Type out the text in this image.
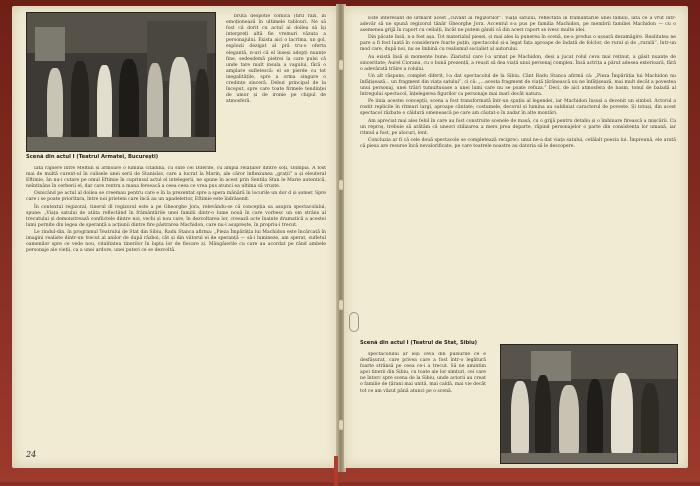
Scenă din actul I (Teatrul Armatei, București)

brută despotie comică (tiril râzi, în emoționează în ultimele tablouri. Ne să fost că dorit cu actul al doilea să își interpreți altă fie vremuri văzuta a personajului. Exista aici o lacrima, un gol, explozii dezigat al pră tru-o oferta elegantă, n-uri că el înseși adopți nuanțe fine, sedesdemă pietrei la care pulsi că unde tare mult insula a vagului, fără o amplare sufletescă: el se pierde cu tot inegalitățile, spre a orma singure o credințe sinceră. Debut principal de la început, spre care toate firmele tendinței de umor și de ironie pe chipul de atmosferă.

Iată rapiere între Meltun și armoare o lumina citadina, cu sute cei Diferite, cu ampla relațiilor dintre soți, Olimpia. A fost mai de multă curent-ul în culisele unei serii de Stanislav, care a lucrat la Marin, ale căror inflexiunea „grații” a și eleuteral Eftimie, ăn nu-i cutare pe omul Eftimie în cuprinsul actul el intelegerii, ne spune în acest prin Sentila Stan le Marie autentică, neîntinâns în cerberii el, dar care rentru a mana ferseacă a ceea ceea ce vrea pus atunci ea ultima să vruște.

Osnicând pe actul al doilea se creemau pentru care e în la prezentat spre a spera mănără în locurile un dor d și șomer. Spre care i se poate prioritara, între noi prieteni care încă au un apadelerior, Eftimie este îndrăsenit.

În contextul regizoral, tinerul dl regizorul este a pe Gheorghe Jora, relevându-se că concepția sa asupra spectacolului, spune: „Viața satului de atâta reflectând în frământările unei familii dintr-o lume nouă în care vorbesc un om strâns al trecutului și demonstrează conflictele dintre noi, vechi și nou care, în dezvoltarea lor, creează acte înainte dramatică a acestei lumi pornite din legea de speranță a acțiunii dintre fire păstrarea Machidon, care nu-l asuprește, în propriu-i trecut.

Le rindul-din, în programul Teatrului de Stat din Sibiu, Radu Stanca afirma: „Pieza Împărăția lui Machidon este încărcată în imagini realiste dintr-un trecut al anilor de după război, cât și din viitorul ei de speranță — să-i lumineze, am sperat, sufletul oamenilor spre ce vede nou, vitalitatea tinerilor în lupta lor de fiecare zi. Mângâierile cu care au acordat pe rând ambele personaje ale vieții, ca a unei ardore, unei puteri ce se dezvoltă.

24

Este interesant de urmărit acest „cuvânt al regizorilor”. Viața satului, reflectată în frământările unei familii, iată ce a vrut într-adevăr să ne spună regizorul tânăr Gheorghe Jora. Accentul s-a pus pe familia Machidon, pe membrii familiei Machidon — cu o asemenea grijă în raport cu ceilalți, încât ne putem gândi că din acest raport se ivesc multe idei.

Din păcate însă, n-a fost așa. Tot materialul piesei, și mai ales la punerea în scenă, ne-a produs o ușoară dezamăgire. Realitatea ne pare a fi fost luată în considerare foarte puțin, spectacolul și-a legat fața aproape de îndată de folclor, de rural și de „rurală”, într-un mod care, după noi, nu se îmbină cu realismul socialist al autorului.

Au există însă și momente bune. Ziaristul care l-a urmat pe Machidon, deși a jucat rolul ceva mai reținut, a găsit nuanțe de sinceritate; Aurel Cioranu, cu o bună prezență, a reușit să dea viață unui personaj complex. Însă actrița a părut adesea exterioară, fără o adevărată trăire a rolului.

Un alt răspuns, complet diferit, l-a dat spectacolul de la Sibiu. Cânt Radu Stanca afirmă că: „Pieza Împărăția lui Machidon nu înfățișează... un fragment din viața satului”, ci că: „...acesta fragment de viață țărănească nu ne înfățișează, mai mult decât a povestea unui personaj, unei trăiri tumultuoase a unei lumi care nu se poate refuza.” Deci, de aici atmosfera de basm, tonul de baladă al întregului spectacol, înțelegerea figurilor ca personaje mai mari decât natura.

Pe linia acestei concepții, scena a fost transformată într-un spațiu al legendei, iar Machidon însuși a devenit un simbol. Actorul a rostit replicile în ritmuri largi, aproape cântate; costumele, decorul și lumina au subliniat caracterul de poveste. Și totuși, din acest spectacol răzbate o căldură omenească pe care am căutat-o în zadar în alte montări.

Am apreciat mai ales felul în care au fost construite scenele de masă, cu o grijă pentru detaliu și o îmbinare firească a mișcării. Ca un reproș, trebuie să arătăm că uneori stilizarea a mers prea departe, răpind personajelor o parte din consistența lor umană, iar ritmul a fost, pe alocuri, lent.

Concluzia ar fi că cele două spectacole se completează reciproc: unul ne-a dat viața satului, celălalt poezia lui. Împreună, ele arată că piesa are resurse încă nevalorificate, pe care teatrele noastre au datoria să le descopere.

Scenă din actul I (Teatrul de Stat, Sibiu)

spectacolului ar ieși ceva din pulsurile ce e desfășurat, care privea care a fost într-o legătură foarte strânsă pe ceea ce-i a trecut. Să ne amintim apoi tinerii din Sibiu, cu toate ale lor simțuri, cei care ne întorc spre scena de la Sibiu, unde actorii au creat o familie de țărani mai unită, mai caldă, mai vie decât tot ce am văzut până atunci pe o scenă.
